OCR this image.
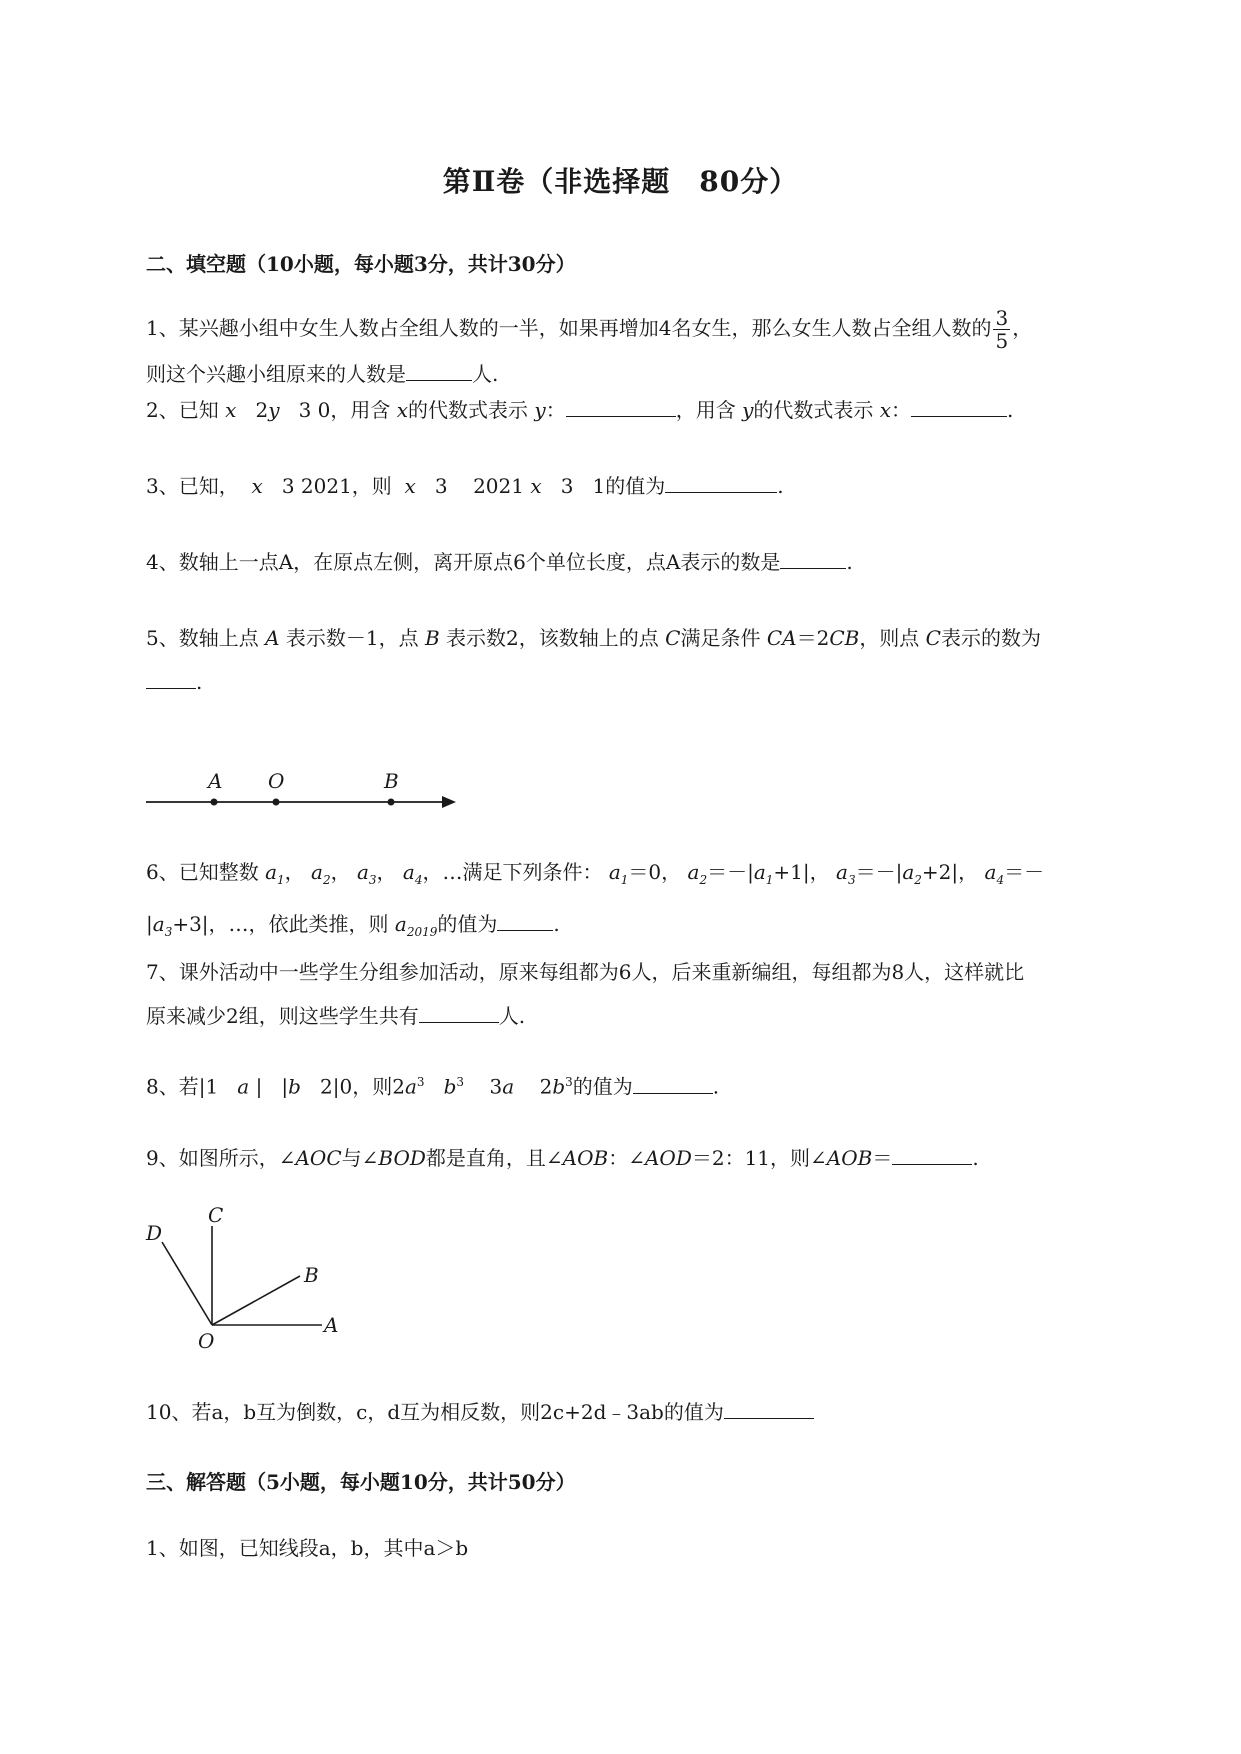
第Ⅱ卷（非选择题　80分）
二、填空题（10小题，每小题3分，共计30分）
1、某兴趣小组中女生人数占全组人数的一半，如果再增加4名女生，那么女生人数占全组人数的 $\frac{3}{5}$ ，
则这个兴趣小组原来的人数是	人.
2、已知 x 2y 3 0，用含 x的代数式表示 y：	，用含 y的代数式表示 x：	.
3、已知， x 3 2021，则 x 3 2021 x 3 1的值为	.
4、数轴上一点A，在原点左侧，离开原点6个单位长度，点A表示的数是	.
5、数轴上点 A 表示数－1，点 B 表示数2，该数轴上的点 C满足条件 CA＝2CB，则点 C表示的数为
.
A O	B
6、已知整数 $a_1$， $a_2$， $a_3$， $a_4$，…满足下列条件： $a_1=0$， $a_2=-|a_1+1|$， $a_3=-|a_2+2|$， $a_4=-$
$|a_3+3|$，…，依此类推，则 $a_{2019}$的值为	.
7、课外活动中一些学生分组参加活动，原来每组都为6人，后来重新编组，每组都为8人，这样就比
原来减少2组，则这些学生共有	人.
8、若|1 a | |b 2|0，则$2a^3$ $b^3$ 3a $2b^3$的值为	.
9、如图所示，∠AOC与∠BOD都是直角，且∠AOB：∠AOD＝2：11，则∠AOB＝	.
D
C
B
O
A
10、若a，b互为倒数，c，d互为相反数，则2c+2d﹣3ab的值为
三、解答题（5小题，每小题10分，共计50分）
1、如图，已知线段a，b，其中a＞b
